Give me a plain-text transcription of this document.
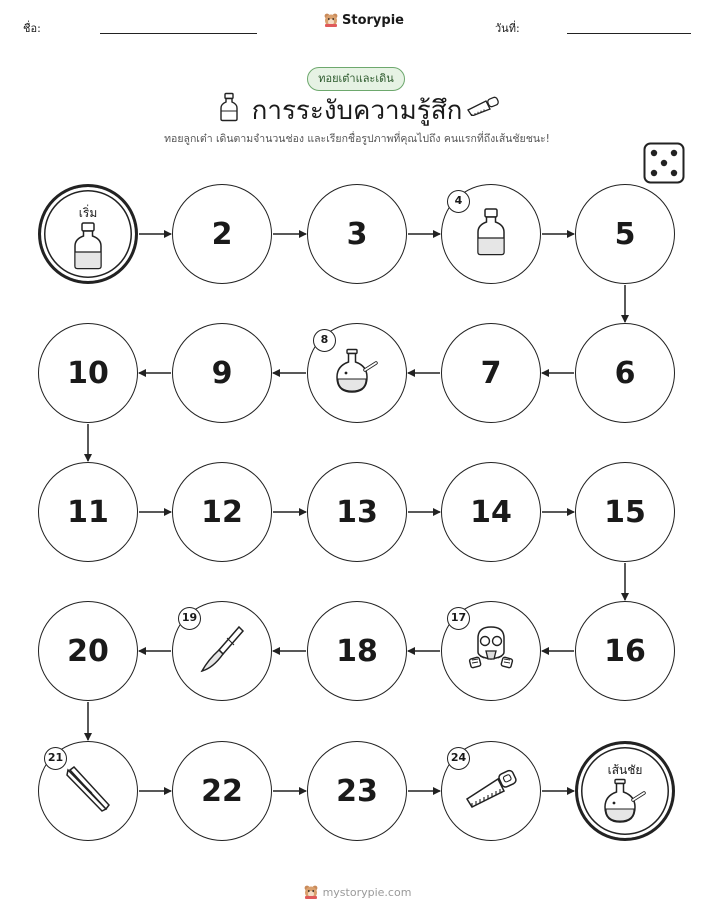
ชื่อ:
Storypie
วันที่:
ทอยเต๋าและเดิน
การระงับความรู้สึก
ทอยลูกเต๋า เดินตามจำนวนช่อง และเรียกชื่อรูปภาพที่คุณไปถึง คนแรกที่ถึงเส้นชัยชนะ!
เริ่ม
2	3
4
5
6
7
8
9
10
11	12	13	14	15
16
17
18
19
20
21
22	23
24
เส้นชัย
mystorypie.com
